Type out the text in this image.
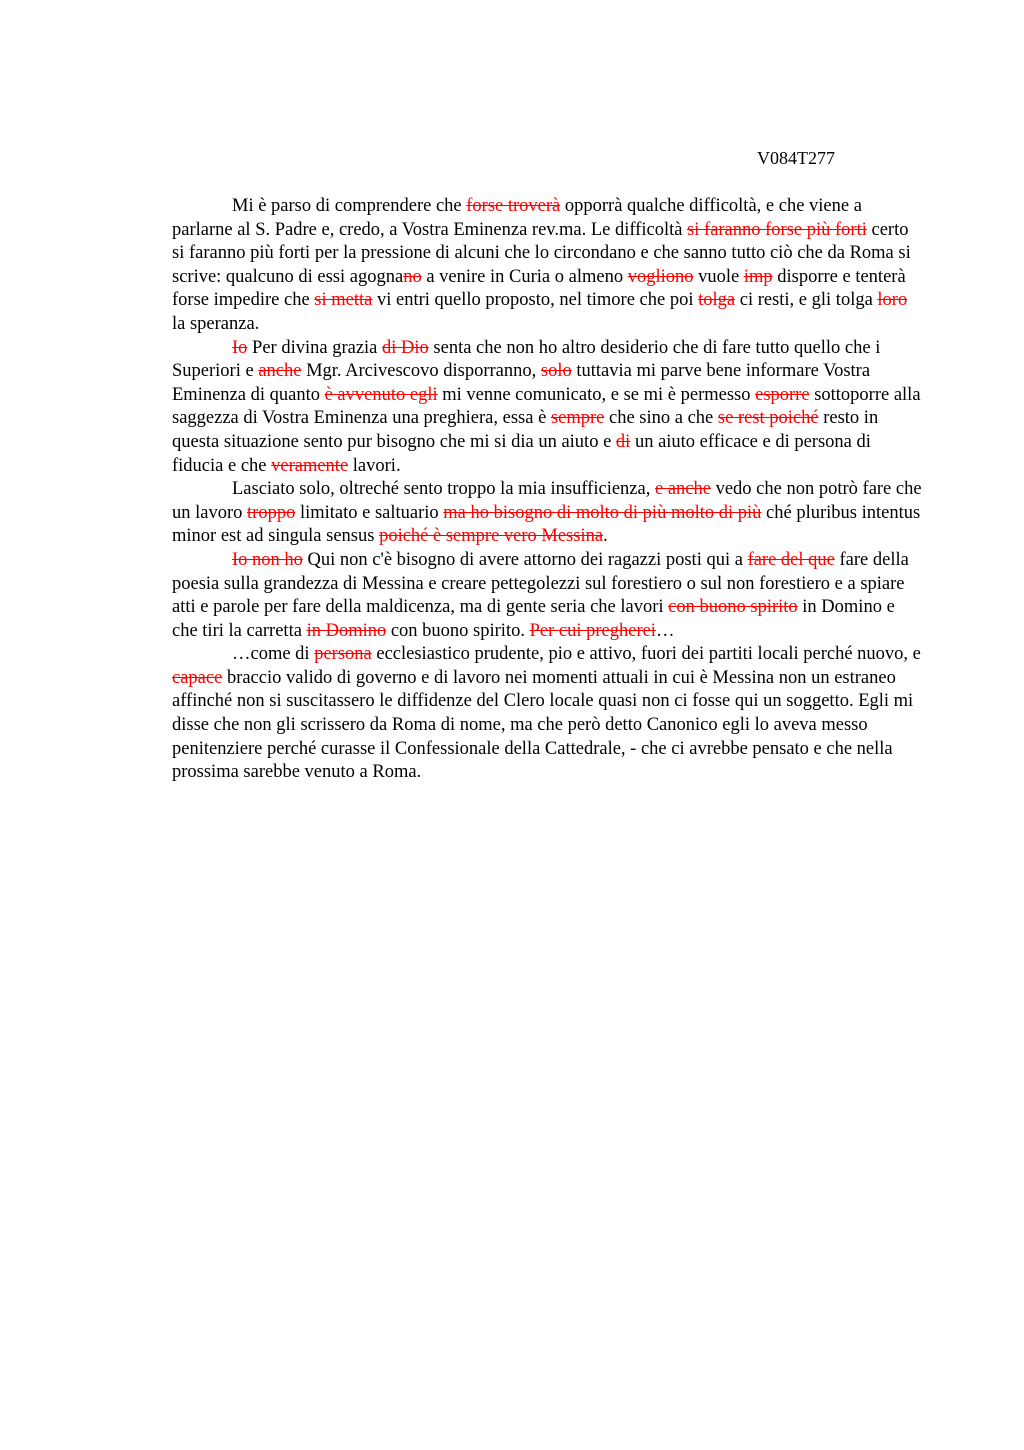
V084T277

Mi è parso di comprendere che forse troverà opporrà qualche difficoltà, e che viene a parlarne al S. Padre e, credo, a Vostra Eminenza rev.ma. Le difficoltà si faranno forse più forti certo si faranno più forti per la pressione di alcuni che lo circondano e che sanno tutto ciò che da Roma si scrive: qualcuno di essi agognano a venire in Curia o almeno vogliono vuole imp disporre e tenterà forse impedire che si metta vi entri quello proposto, nel timore che poi tolga ci resti, e gli tolga loro la speranza.

Io Per divina grazia di Dio senta che non ho altro desiderio che di fare tutto quello che i Superiori e anche Mgr. Arcivescovo disporranno, solo tuttavia mi parve bene informare Vostra Eminenza di quanto è avvenuto egli mi venne comunicato, e se mi è permesso esporre sottoporre alla saggezza di Vostra Eminenza una preghiera, essa è sempre che sino a che se rest poiché resto in questa situazione sento pur bisogno che mi si dia un aiuto e di un aiuto efficace e di persona di fiducia e che veramente lavori.

Lasciato solo, oltreché sento troppo la mia insufficienza, e anche vedo che non potrò fare che un lavoro troppo limitato e saltuario ma ho bisogno di molto di più molto di più ché pluribus intentus minor est ad singula sensus poiché è sempre vero Messina.

Io non ho Qui non c'è bisogno di avere attorno dei ragazzi posti qui a fare del que fare della poesia sulla grandezza di Messina e creare pettegolezzi sul forestiero o sul non forestiero e a spiare atti e parole per fare della maldicenza, ma di gente seria che lavori con buono spirito in Domino e che tiri la carretta in Domino con buono spirito. Per cui pregherei…

…come di persona ecclesiastico prudente, pio e attivo, fuori dei partiti locali perché nuovo, e capace braccio valido di governo e di lavoro nei momenti attuali in cui è Messina non un estraneo affinché non si suscitassero le diffidenze del Clero locale quasi non ci fosse qui un soggetto. Egli mi disse che non gli scrissero da Roma di nome, ma che però detto Canonico egli lo aveva messo penitenziere perché curasse il Confessionale della Cattedrale, - che ci avrebbe pensato e che nella prossima sarebbe venuto a Roma.
